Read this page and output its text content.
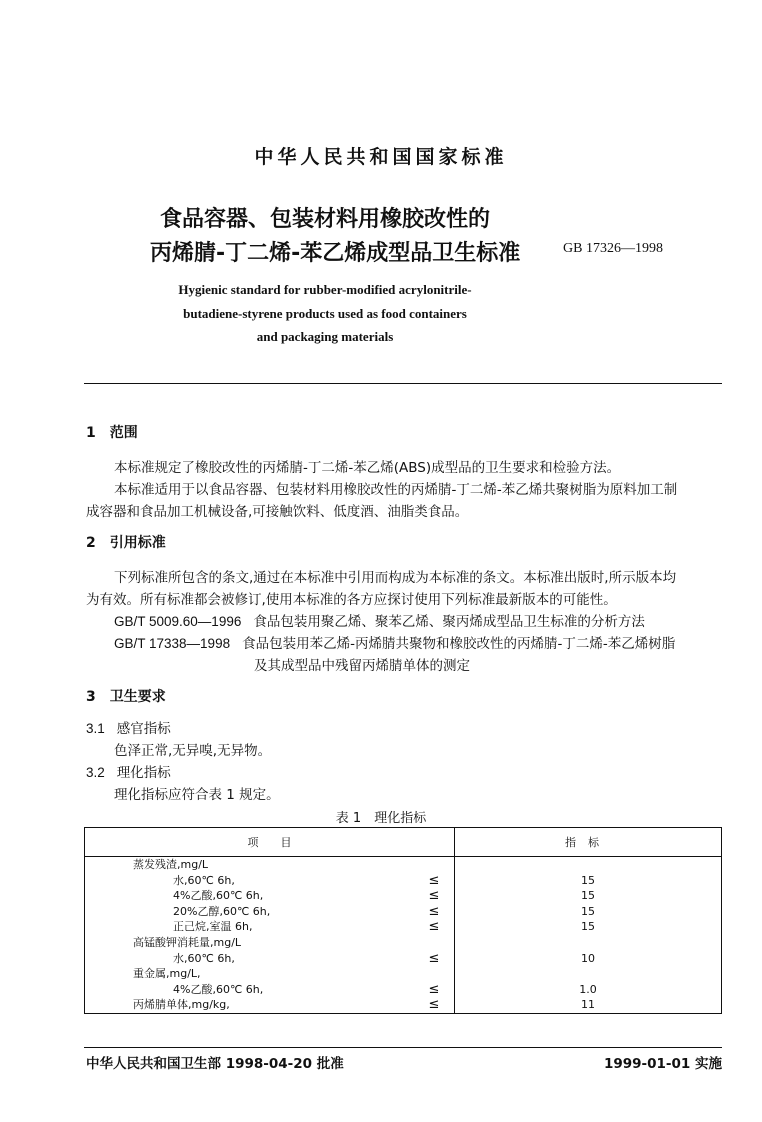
中华人民共和国国家标准
食品容器、包装材料用橡胶改性的
丙烯腈-丁二烯-苯乙烯成型品卫生标准	GB 17326—1998
Hygienic standard for rubber-modified acrylonitrile-
butadiene-styrene products used as food containers
and packaging materials
1 范围
本标准规定了橡胶改性的丙烯腈-丁二烯-苯乙烯(ABS)成型品的卫生要求和检验方法。
本标准适用于以食品容器、包装材料用橡胶改性的丙烯腈-丁二烯-苯乙烯共聚树脂为原料加工制
成容器和食品加工机械设备,可接触饮料、低度酒、油脂类食品。
2 引用标准
下列标准所包含的条文,通过在本标准中引用而构成为本标准的条文。本标准出版时,所示版本均
为有效。所有标准都会被修订,使用本标准的各方应探讨使用下列标准最新版本的可能性。
GB/T 5009.60—1996 食品包装用聚乙烯、聚苯乙烯、聚丙烯成型品卫生标准的分析方法
GB/T 17338—1998 食品包装用苯乙烯-丙烯腈共聚物和橡胶改性的丙烯腈-丁二烯-苯乙烯树脂
及其成型品中残留丙烯腈单体的测定
3 卫生要求
3.1 感官指标
色泽正常,无异嗅,无异物。
3.2 理化指标
理化指标应符合表 1 规定。
表 1　理化指标
项　　目		指标
蒸发残渣,mg/L		
水,60℃ 6h,	≤	15
4%乙酸,60℃ 6h,	≤	15
20%乙醇,60℃ 6h,	≤	15
正己烷,室温 6h,	≤	15
高锰酸钾消耗量,mg/L		
水,60℃ 6h,	≤	10
重金属,mg/L,		
4%乙酸,60℃ 6h,	≤	1.0
丙烯腈单体,mg/kg,	≤	11
中华人民共和国卫生部 1998-04-20 批准	1999-01-01 实施
